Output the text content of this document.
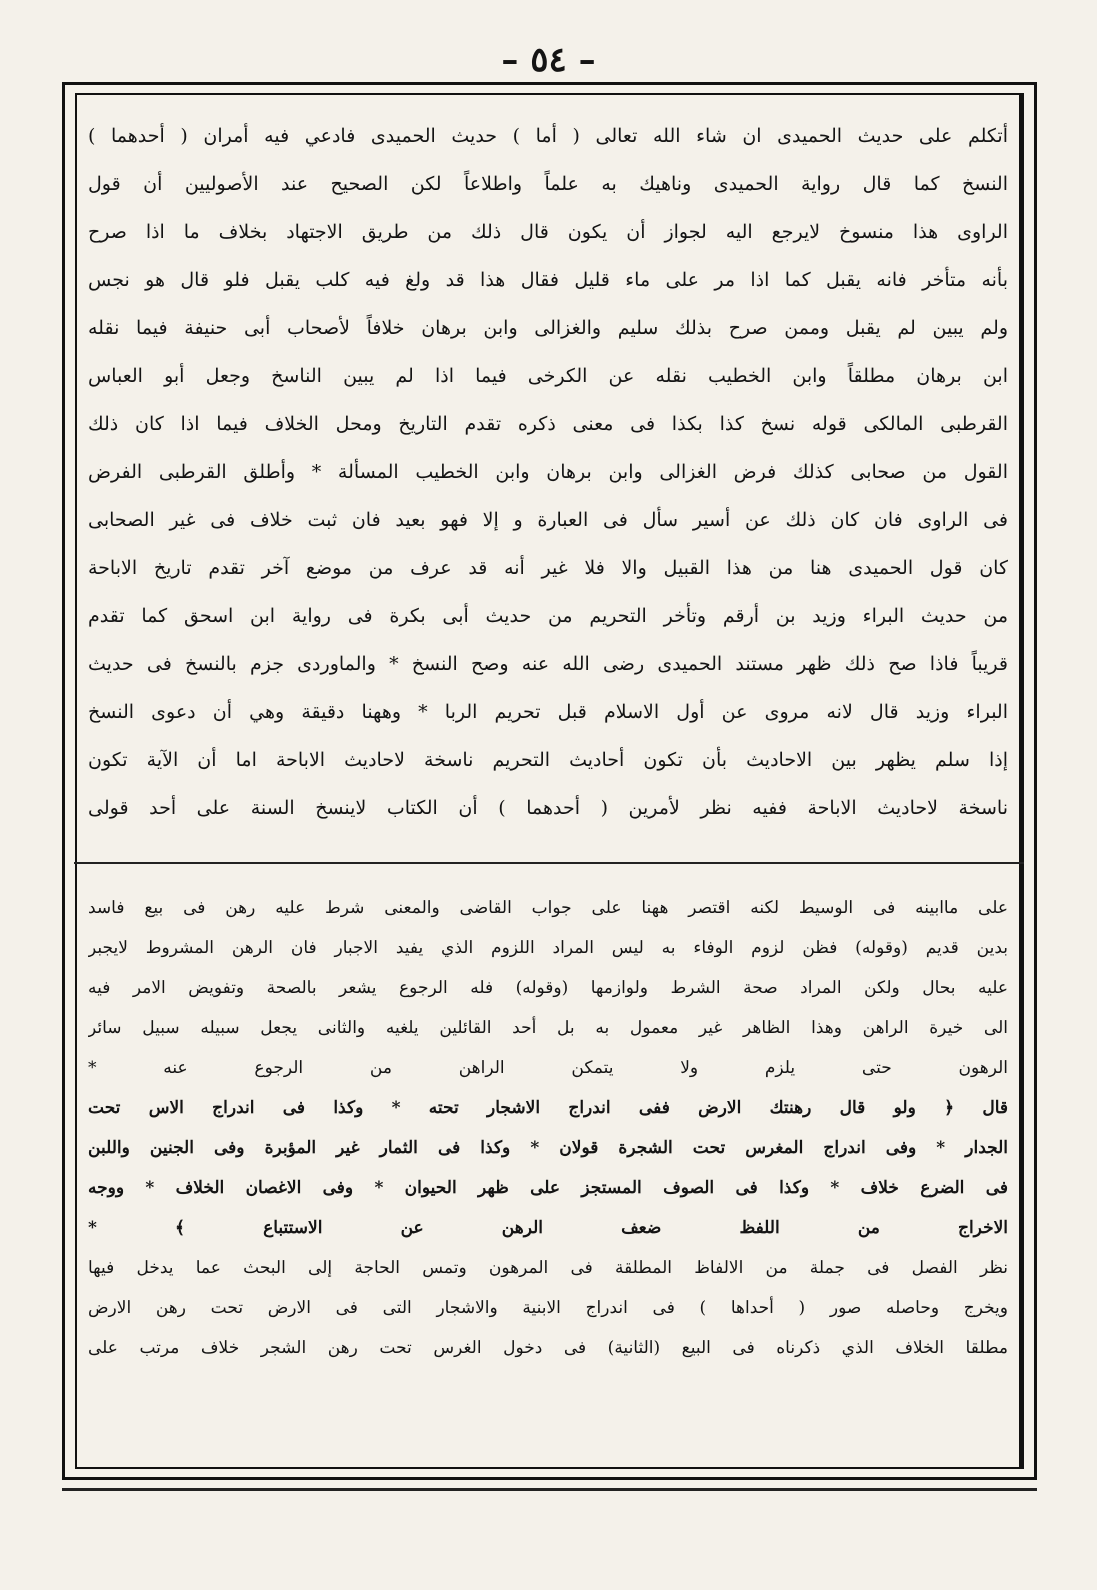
– ٥٤ –
أتكلم على حديث الحميدى ان شاء الله تعالى ( أما ) حديث الحميدى فادعي فيه أمران ( أحدهما )
النسخ كما قال رواية الحميدى وناهيك به علماً واطلاعاً لكن الصحيح عند الأصوليين أن قول
الراوى هذا منسوخ لايرجع اليه لجواز أن يكون قال ذلك من طريق الاجتهاد بخلاف ما اذا صرح
بأنه متأخر فانه يقبل كما اذا مر على ماء قليل فقال هذا قد ولغ فيه كلب يقبل فلو قال هو نجس
ولم يبين لم يقبل وممن صرح بذلك سليم والغزالى وابن برهان خلافاً لأصحاب أبى حنيفة فيما نقله
ابن برهان مطلقاً وابن الخطيب نقله عن الكرخى فيما اذا لم يبين الناسخ وجعل أبو العباس
القرطبى المالكى قوله نسخ كذا بكذا فى معنى ذكره تقدم التاريخ ومحل الخلاف فيما اذا كان ذلك
القول من صحابى كذلك فرض الغزالى وابن برهان وابن الخطيب المسألة * وأطلق القرطبى الفرض
فى الراوى فان كان ذلك عن أسير سأل فى العبارة و إلا فهو بعيد فان ثبت خلاف فى غير الصحابى
كان قول الحميدى هنا من هذا القبيل والا فلا غير أنه قد عرف من موضع آخر تقدم تاريخ الاباحة
من حديث البراء وزيد بن أرقم وتأخر التحريم من حديث أبى بكرة فى رواية ابن اسحق كما تقدم
قريباً فاذا صح ذلك ظهر مستند الحميدى رضى الله عنه وصح النسخ * والماوردى جزم بالنسخ فى حديث
البراء وزيد قال لانه مروى عن أول الاسلام قبل تحريم الربا * وههنا دقيقة وهي أن دعوى النسخ
إذا سلم يظهر بين الاحاديث بأن تكون أحاديث التحريم ناسخة لاحاديث الاباحة اما أن الآية تكون
ناسخة لاحاديث الاباحة ففيه نظر لأمرين ( أحدهما ) أن الكتاب لاينسخ السنة على أحد قولى
على ماابينه فى الوسيط لكنه اقتصر ههنا على جواب القاضى والمعنى شرط عليه رهن فى بيع فاسد
بدين قديم (وقوله) فظن لزوم الوفاء به ليس المراد اللزوم الذي يفيد الاجبار فان الرهن المشروط لايجبر
عليه بحال ولكن المراد صحة الشرط ولوازمها (وقوله) فله الرجوع يشعر بالصحة وتفويض الامر فيه
الى خيرة الراهن وهذا الظاهر غير معمول به بل أحد القائلين يلغيه والثانى يجعل سبيله سبيل سائر
الرهون حتى يلزم ولا يتمكن الراهن من الرجوع عنه *
قال ﴿ ولو قال رهنتك الارض ففى اندراج الاشجار تحته * وكذا فى اندراج الاس تحت
الجدار * وفى اندراج المغرس تحت الشجرة قولان * وكذا فى الثمار غير المؤبرة وفى الجنين واللبن
فى الضرع خلاف * وكذا فى الصوف المستجز على ظهر الحيوان * وفى الاغصان الخلاف * ووجه
الاخراج من اللفظ ضعف الرهن عن الاستتباع ﴾ *
نظر الفصل فى جملة من الالفاظ المطلقة فى المرهون وتمس الحاجة إلى البحث عما يدخل فيها
ويخرج وحاصله صور ( أحداها ) فى اندراج الابنية والاشجار التى فى الارض تحت رهن الارض
مطلقا الخلاف الذي ذكرناه فى البيع (الثانية) فى دخول الغرس تحت رهن الشجر خلاف مرتب على
